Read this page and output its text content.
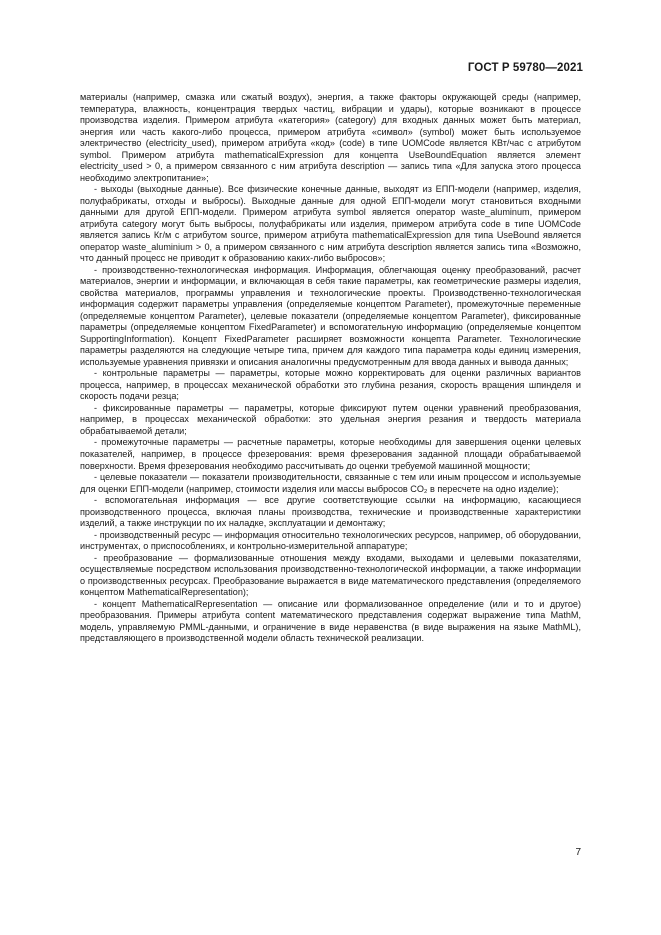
ГОСТ Р 59780—2021

материалы (например, смазка или сжатый воздух), энергия, а также факторы окружающей среды (например, температура, влажность, концентрация твердых частиц, вибрации и удары), которые возникают в процессе производства изделия. Примером атрибута «категория» (category) для входных данных может быть материал, энергия или часть какого-либо процесса, примером атрибута «символ» (symbol) может быть используемое электричество (electricity_used), примером атрибута «код» (code) в типе UOMCode является КВт/час с атрибутом symbol. Примером атрибута mathematicalExpression для концепта UseBoundEquation является элемент electricity_used > 0, а примером связанного с ним атрибута description — запись типа «Для запуска этого процесса необходимо электропитание»;

- выходы (выходные данные). Все физические конечные данные, выходят из ЕПП-модели (например, изделия, полуфабрикаты, отходы и выбросы). Выходные данные для одной ЕПП-модели могут становиться входными данными для другой ЕПП-модели. Примером атрибута symbol является оператор waste_aluminum, примером атрибута category могут быть выбросы, полуфабрикаты или изделия, примером атрибута code в типе UOMCode является запись Кг/м с атрибутом source, примером атрибута mathematicalExpression для типа UseBound является оператор waste_aluminium > 0, а примером связанного с ним атрибута description является запись типа «Возможно, что данный процесс не приводит к образованию каких-либо выбросов»;

- производственно-технологическая информация. Информация, облегчающая оценку преобразований, расчет материалов, энергии и информации, и включающая в себя такие параметры, как геометрические размеры изделия, свойства материалов, программы управления и технологические проекты. Производственно-технологическая информация содержит параметры управления (определяемые концептом Parameter), промежуточные переменные (определяемые концептом Parameter), целевые показатели (определяемые концептом Parameter), фиксированные параметры (определяемые концептом FixedParameter) и вспомогательную информацию (определяемые концептом SupportingInformation). Концепт FixedParameter расширяет возможности концепта Parameter. Технологические параметры разделяются на следующие четыре типа, причем для каждого типа параметра коды единиц измерения, используемые уравнения привязки и описания аналогичны предусмотренным для ввода данных и вывода данных;

- контрольные параметры — параметры, которые можно корректировать для оценки различных вариантов процесса, например, в процессах механической обработки это глубина резания, скорость вращения шпинделя и скорость подачи резца;

- фиксированные параметры — параметры, которые фиксируют путем оценки уравнений преобразования, например, в процессах механической обработки: это удельная энергия резания и твердость материала обрабатываемой детали;

- промежуточные параметры — расчетные параметры, которые необходимы для завершения оценки целевых показателей, например, в процессе фрезерования: время фрезерования заданной площади обрабатываемой поверхности. Время фрезерования необходимо рассчитывать до оценки требуемой машинной мощности;

- целевые показатели — показатели производительности, связанные с тем или иным процессом и используемые для оценки ЕПП-модели (например, стоимости изделия или массы выбросов CO₂ в пересчете на одно изделие);

- вспомогательная информация — все другие соответствующие ссылки на информацию, касающиеся производственного процесса, включая планы производства, технические и производственные характеристики изделий, а также инструкции по их наладке, эксплуатации и демонтажу;

- производственный ресурс — информация относительно технологических ресурсов, например, об оборудовании, инструментах, о приспособлениях, и контрольно-измерительной аппаратуре;

- преобразование — формализованные отношения между входами, выходами и целевыми показателями, осуществляемые посредством использования производственно-технологической информации, а также информации о производственных ресурсах. Преобразование выражается в виде математического представления (определяемого концептом MathematicalRepresentation);

- концепт MathematicalRepresentation — описание или формализованное определение (или и то и другое) преобразования. Примеры атрибута content математического представления содержат выражение типа MathM, модель, управляемую PMML-данными, и ограничение в виде неравенства (в виде выражения на языке MathML), представляющего в производственной модели область технической реализации.

7
